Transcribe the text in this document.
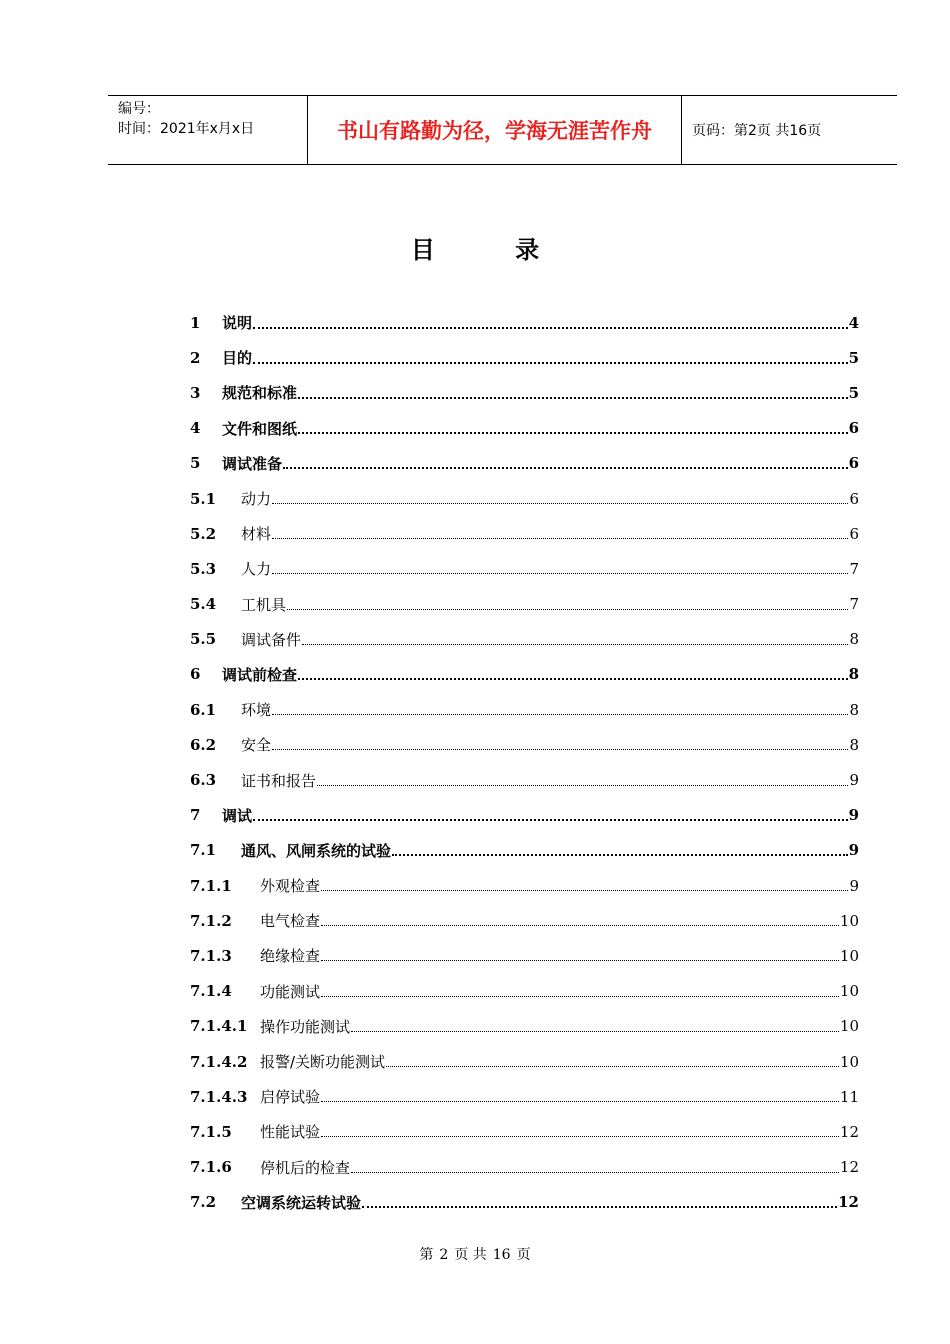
编号：
时间：2021年x月x日	书山有路勤为径，学海无涯苦作舟	页码：第2页 共16页
目 录
1	说明	4
2	目的	5
3	规范和标准	5
4	文件和图纸	6
5	调试准备	6
5.1	动力	6
5.2	材料	6
5.3	人力	7
5.4	工机具	7
5.5	调试备件	8
6	调试前检查	8
6.1	环境	8
6.2	安全	8
6.3	证书和报告	9
7	调试	9
7.1	通风、风闸系统的试验	9
7.1.1	外观检查	9
7.1.2	电气检查	10
7.1.3	绝缘检查	10
7.1.4	功能测试	10
7.1.4.1 操作功能测试	10
7.1.4.2 报警/关断功能测试	10
7.1.4.3 启停试验	11
7.1.5	性能试验	12
7.1.6	停机后的检查	12
7.2	空调系统运转试验	12
第 2 页 共 16 页
